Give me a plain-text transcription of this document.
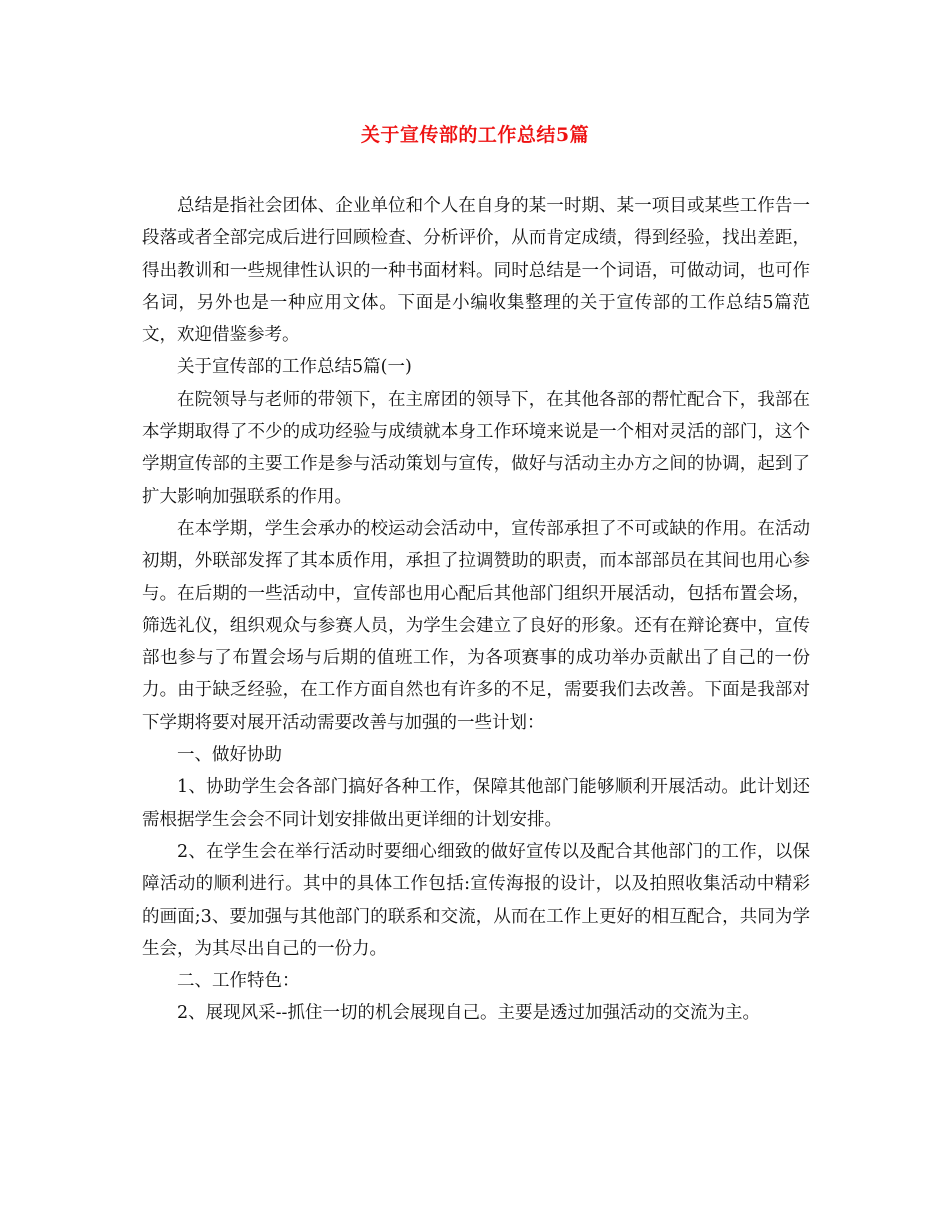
关于宣传部的工作总结5篇

总结是指社会团体、企业单位和个人在自身的某一时期、某一项目或某些工作告一段落或者全部完成后进行回顾检查、分析评价，从而肯定成绩，得到经验，找出差距，得出教训和一些规律性认识的一种书面材料。同时总结是一个词语，可做动词，也可作名词，另外也是一种应用文体。下面是小编收集整理的关于宣传部的工作总结5篇范文，欢迎借鉴参考。

关于宣传部的工作总结5篇(一)

在院领导与老师的带领下，在主席团的领导下，在其他各部的帮忙配合下，我部在本学期取得了不少的成功经验与成绩就本身工作环境来说是一个相对灵活的部门，这个学期宣传部的主要工作是参与活动策划与宣传，做好与活动主办方之间的协调，起到了扩大影响加强联系的作用。

在本学期，学生会承办的校运动会活动中，宣传部承担了不可或缺的作用。在活动初期，外联部发挥了其本质作用，承担了拉调赞助的职责，而本部部员在其间也用心参与。在后期的一些活动中，宣传部也用心配后其他部门组织开展活动，包括布置会场，筛选礼仪，组织观众与参赛人员，为学生会建立了良好的形象。还有在辩论赛中，宣传部也参与了布置会场与后期的值班工作，为各项赛事的成功举办贡献出了自己的一份力。由于缺乏经验，在工作方面自然也有许多的不足，需要我们去改善。下面是我部对下学期将要对展开活动需要改善与加强的一些计划：

一、做好协助

1、协助学生会各部门搞好各种工作，保障其他部门能够顺利开展活动。此计划还需根据学生会会不同计划安排做出更详细的计划安排。

2、在学生会在举行活动时要细心细致的做好宣传以及配合其他部门的工作，以保障活动的顺利进行。其中的具体工作包括:宣传海报的设计，以及拍照收集活动中精彩的画面;3、要加强与其他部门的联系和交流，从而在工作上更好的相互配合，共同为学生会，为其尽出自己的一份力。

二、工作特色：

2、展现风采--抓住一切的机会展现自己。主要是透过加强活动的交流为主。
